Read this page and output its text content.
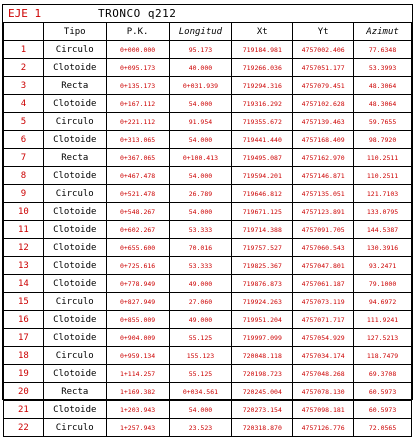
EJE 1	TRONCO q212
	Tipo	P.K.	Longitud	Xt	Yt	Azimut
1	Circulo	0+000.000	95.173	719184.981	4757002.406	77.6348
2	Clotoide	0+095.173	40.000	719266.036	4757051.177	53.3993
3	Recta	0+135.173	0+031.939	719294.316	4757079.451	48.3064
4	Clotoide	0+167.112	54.000	719316.292	4757102.628	48.3064
5	Circulo	0+221.112	91.954	719355.672	4757139.463	59.7655
6	Clotoide	0+313.065	54.000	719441.440	4757168.409	98.7920
7	Recta	0+367.065	0+100.413	719495.087	4757162.970	110.2511
8	Clotoide	0+467.478	54.000	719594.201	4757146.871	110.2511
9	Circulo	0+521.478	26.789	719646.812	4757135.051	121.7103
10	Clotoide	0+548.267	54.000	719671.125	4757123.891	133.0795
11	Clotoide	0+602.267	53.333	719714.388	4757091.705	144.5387
12	Clotoide	0+655.600	70.016	719757.527	4757060.543	130.3916
13	Clotoide	0+725.616	53.333	719825.367	4757047.801	93.2471
14	Clotoide	0+778.949	49.000	719876.873	4757061.187	79.1000
15	Circulo	0+827.949	27.060	719924.263	4757073.119	94.6972
16	Clotoide	0+855.009	49.000	719951.204	4757071.717	111.9241
17	Clotoide	0+904.009	55.125	719997.099	4757054.929	127.5213
18	Circulo	0+959.134	155.123	720048.118	4757034.174	118.7479
19	Clotoide	1+114.257	55.125	720198.723	4757048.268	69.3708
20	Recta	1+169.382	0+034.561	720245.004	4757078.130	60.5973
21	Clotoide	1+203.943	54.000	720273.154	4757098.181	60.5973
22	Circulo	1+257.943	23.523	720318.870	4757126.776	72.0565
